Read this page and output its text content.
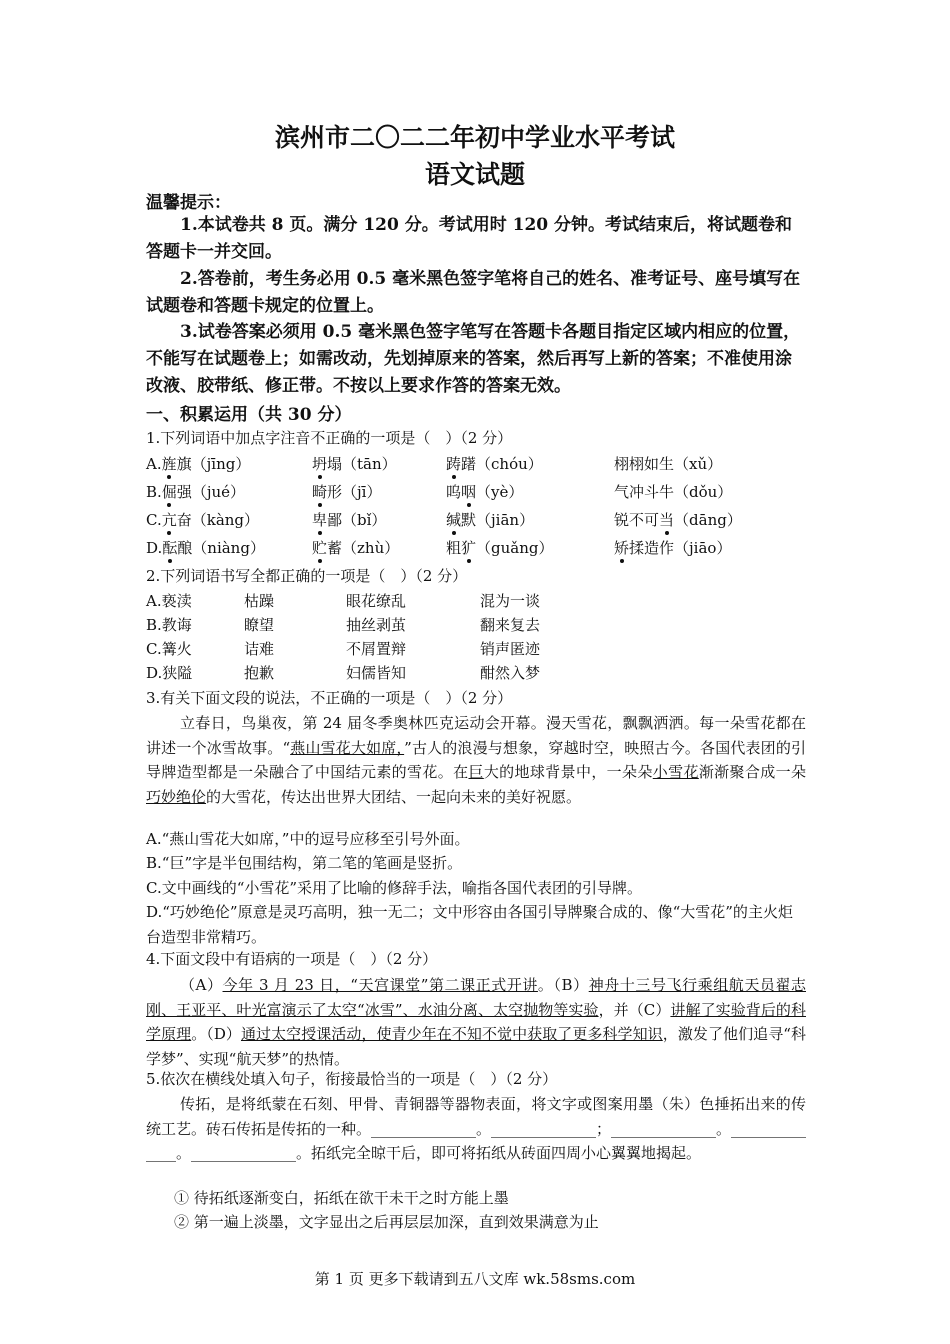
滨州市二〇二二年初中学业水平考试
语文试题
温馨提示：
1.本试卷共 8 页。满分 120 分。考试用时 120 分钟。考试结束后，将试题卷和答题卡一并交回。
2.答卷前，考生务必用 0.5 毫米黑色签字笔将自己的姓名、准考证号、座号填写在试题卷和答题卡规定的位置上。
3.试卷答案必须用 0.5 毫米黑色签字笔写在答题卡各题目指定区域内相应的位置，不能写在试题卷上；如需改动，先划掉原来的答案，然后再写上新的答案；不准使用涂改液、胶带纸、修正带。不按以上要求作答的答案无效。
一、积累运用（共 30 分）
1.下列词语中加点字注音不正确的一项是（　）（2 分）
A.旌旗（jīng）	坍塌（tān）	踌躇（chóu）	栩栩如生（xǔ）
B.倔强（jué）	畸形（jī）	呜咽（yè）	气冲斗牛（dǒu）
C.亢奋（kàng）	卑鄙（bǐ）	缄默（jiān）	锐不可当（dāng）
D.酝酿（niàng）	贮蓄（zhù）	粗犷（guǎng）	矫揉造作（jiāo）
2.下列词语书写全都正确的一项是（　）（2 分）
A.亵渎	枯躁	眼花缭乱	混为一谈
B.教诲	瞭望	抽丝剥茧	翻来复去
C.篝火	诘难	不屑置辩	销声匿迹
D.狭隘	抱歉	妇儒皆知	酣然入梦
3.有关下面文段的说法，不正确的一项是（　）（2 分）
立春日，鸟巢夜，第 24 届冬季奥林匹克运动会开幕。漫天雪花，飘飘洒洒。每一朵雪花都在讲述一个冰雪故事。“燕山雪花大如席，”古人的浪漫与想象，穿越时空，映照古今。各国代表团的引导牌造型都是一朵融合了中国结元素的雪花。在巨大的地球背景中，一朵朵小雪花渐渐聚合成一朵巧妙绝伦的大雪花，传达出世界大团结、一起向未来的美好祝愿。
A.“燕山雪花大如席，”中的逗号应移至引号外面。
B.“巨”字是半包围结构，第二笔的笔画是竖折。
C.文中画线的“小雪花”采用了比喻的修辞手法，喻指各国代表团的引导牌。
D.“巧妙绝伦”原意是灵巧高明，独一无二；文中形容由各国引导牌聚合成的、像“大雪花”的主火炬台造型非常精巧。
4.下面文段中有语病的一项是（　）（2 分）
（A）今年 3 月 23 日，“天宫课堂”第二课正式开讲。（B）神舟十三号飞行乘组航天员翟志刚、王亚平、叶光富演示了太空“冰雪”、水油分离、太空抛物等实验，并（C）讲解了实验背后的科学原理。（D）通过太空授课活动，使青少年在不知不觉中获取了更多科学知识，激发了他们追寻“科学梦”、实现“航天梦”的热情。
5.依次在横线处填入句子，衔接最恰当的一项是（　）（2 分）
传拓，是将纸蒙在石刻、甲骨、青铜器等器物表面，将文字或图案用墨（朱）色捶拓出来的传统工艺。砖石传拓是传拓的一种。______________。______________；______________。______________。______________。拓纸完全晾干后，即可将拓纸从砖面四周小心翼翼地揭起。
① 待拓纸逐渐变白，拓纸在欲干未干之时方能上墨
② 第一遍上淡墨，文字显出之后再层层加深，直到效果满意为止
第 1 页 更多下载请到五八文库 wk.58sms.com
